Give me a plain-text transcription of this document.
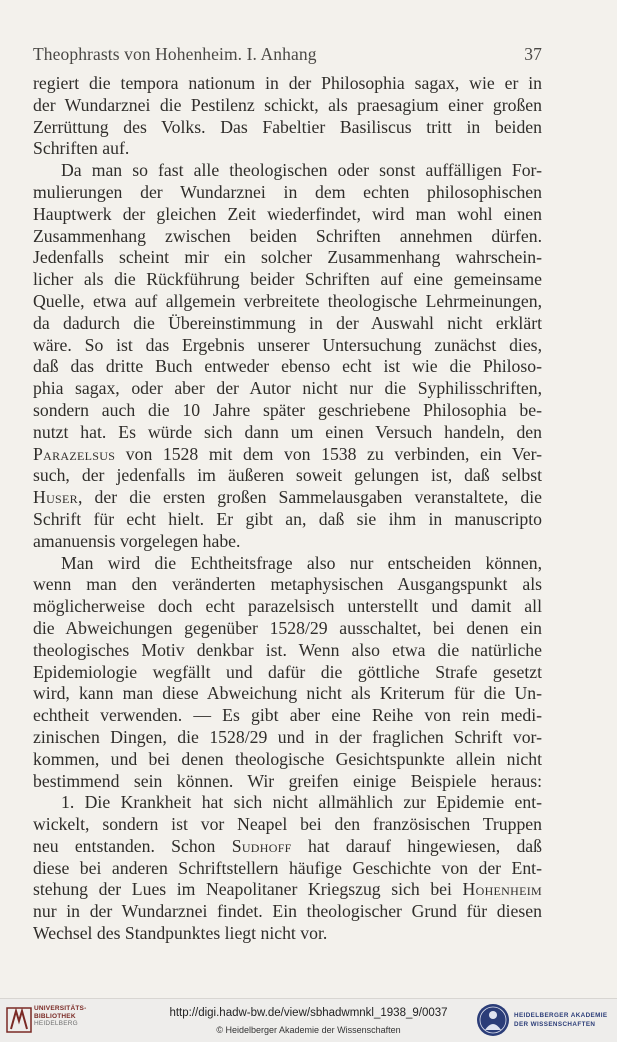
Theophrasts von Hohenheim. I. Anhang	37
regiert die tempora nationum in der Philosophia sagax, wie er in
der Wundarznei die Pestilenz schickt, als praesagium einer großen
Zerrüttung des Volks. Das Fabeltier Basiliscus tritt in beiden
Schriften auf.
Da man so fast alle theologischen oder sonst auffälligen For-
mulierungen der Wundarznei in dem echten philosophischen
Hauptwerk der gleichen Zeit wiederfindet, wird man wohl einen
Zusammenhang zwischen beiden Schriften annehmen dürfen.
Jedenfalls scheint mir ein solcher Zusammenhang wahrschein-
licher als die Rückführung beider Schriften auf eine gemeinsame
Quelle, etwa auf allgemein verbreitete theologische Lehrmeinungen,
da dadurch die Übereinstimmung in der Auswahl nicht erklärt
wäre. So ist das Ergebnis unserer Untersuchung zunächst dies,
daß das dritte Buch entweder ebenso echt ist wie die Philoso-
phia sagax, oder aber der Autor nicht nur die Syphilisschriften,
sondern auch die 10 Jahre später geschriebene Philosophia be-
nutzt hat. Es würde sich dann um einen Versuch handeln, den
Parazelsus von 1528 mit dem von 1538 zu verbinden, ein Ver-
such, der jedenfalls im äußeren soweit gelungen ist, daß selbst
Huser, der die ersten großen Sammelausgaben veranstaltete, die
Schrift für echt hielt. Er gibt an, daß sie ihm in manuscripto
amanuensis vorgelegen habe.
Man wird die Echtheitsfrage also nur entscheiden können,
wenn man den veränderten metaphysischen Ausgangspunkt als
möglicherweise doch echt parazelsisch unterstellt und damit all
die Abweichungen gegenüber 1528/29 ausschaltet, bei denen ein
theologisches Motiv denkbar ist. Wenn also etwa die natürliche
Epidemiologie wegfällt und dafür die göttliche Strafe gesetzt
wird, kann man diese Abweichung nicht als Kriterum für die Un-
echtheit verwenden. — Es gibt aber eine Reihe von rein medi-
zinischen Dingen, die 1528/29 und in der fraglichen Schrift vor-
kommen, und bei denen theologische Gesichtspunkte allein nicht
bestimmend sein können. Wir greifen einige Beispiele heraus:
1. Die Krankheit hat sich nicht allmählich zur Epidemie ent-
wickelt, sondern ist vor Neapel bei den französischen Truppen
neu entstanden. Schon Sudhoff hat darauf hingewiesen, daß
diese bei anderen Schriftstellern häufige Geschichte von der Ent-
stehung der Lues im Neapolitaner Kriegszug sich bei Hohenheim
nur in der Wundarznei findet. Ein theologischer Grund für diesen
Wechsel des Standpunktes liegt nicht vor.
UNIVERSITÄTS-
BIBLIOTHEK
HEIDELBERG
http://digi.hadw-bw.de/view/sbhadwmnkl_1938_9/0037
© Heidelberger Akademie der Wissenschaften
HEIDELBERGER AKADEMIE
DER WISSENSCHAFTEN
